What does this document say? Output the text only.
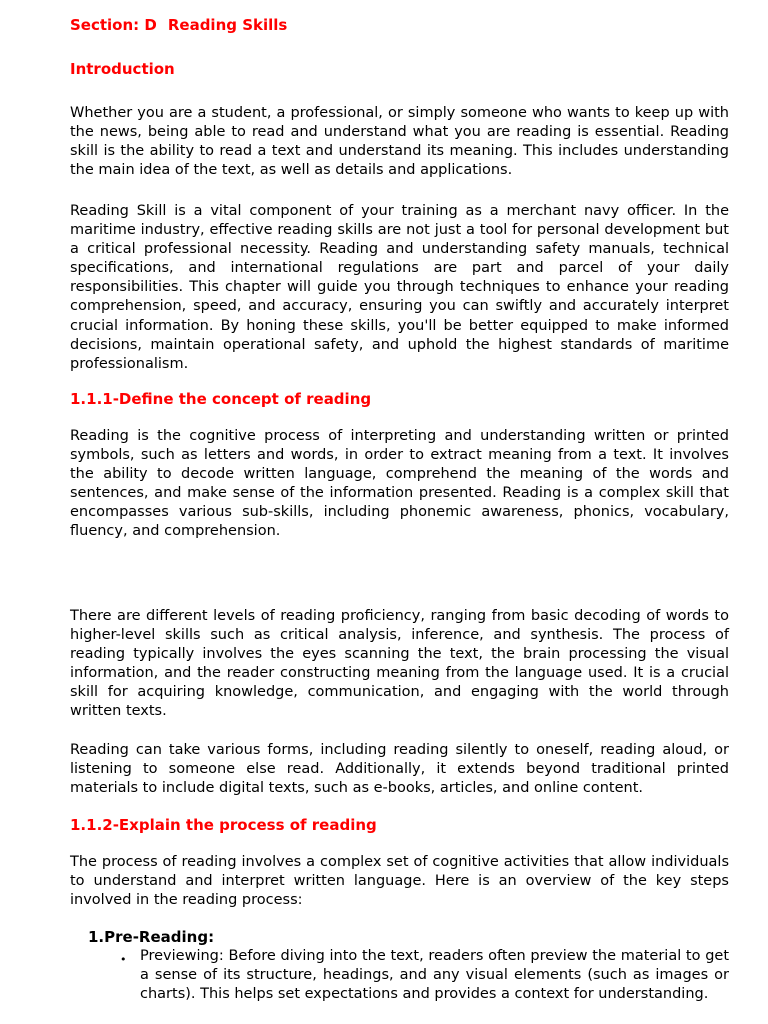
Section: D Reading Skills
Introduction

Whether you are a student, a professional, or simply someone who wants to keep up with the news, being able to read and understand what you are reading is essential. Reading skill is the ability to read a text and understand its meaning. This includes understanding the main idea of the text, as well as details and applications.

Reading Skill is a vital component of your training as a merchant navy officer. In the maritime industry, effective reading skills are not just a tool for personal development but a critical professional necessity. Reading and understanding safety manuals, technical specifications, and international regulations are part and parcel of your daily responsibilities. This chapter will guide you through techniques to enhance your reading comprehension, speed, and accuracy, ensuring you can swiftly and accurately interpret crucial information. By honing these skills, you'll be better equipped to make informed decisions, maintain operational safety, and uphold the highest standards of maritime professionalism.

1.1.1-Define the concept of reading

Reading is the cognitive process of interpreting and understanding written or printed symbols, such as letters and words, in order to extract meaning from a text. It involves the ability to decode written language, comprehend the meaning of the words and sentences, and make sense of the information presented. Reading is a complex skill that encompasses various sub-skills, including phonemic awareness, phonics, vocabulary, fluency, and comprehension.

There are different levels of reading proficiency, ranging from basic decoding of words to higher-level skills such as critical analysis, inference, and synthesis. The process of reading typically involves the eyes scanning the text, the brain processing the visual information, and the reader constructing meaning from the language used. It is a crucial skill for acquiring knowledge, communication, and engaging with the world through written texts.

Reading can take various forms, including reading silently to oneself, reading aloud, or listening to someone else read. Additionally, it extends beyond traditional printed materials to include digital texts, such as e-books, articles, and online content.

1.1.2-Explain the process of reading

The process of reading involves a complex set of cognitive activities that allow individuals to understand and interpret written language. Here is an overview of the key steps involved in the reading process:

1.Pre-Reading:
• Previewing: Before diving into the text, readers often preview the material to get a sense of its structure, headings, and any visual elements (such as images or charts). This helps set expectations and provides a context for understanding.
